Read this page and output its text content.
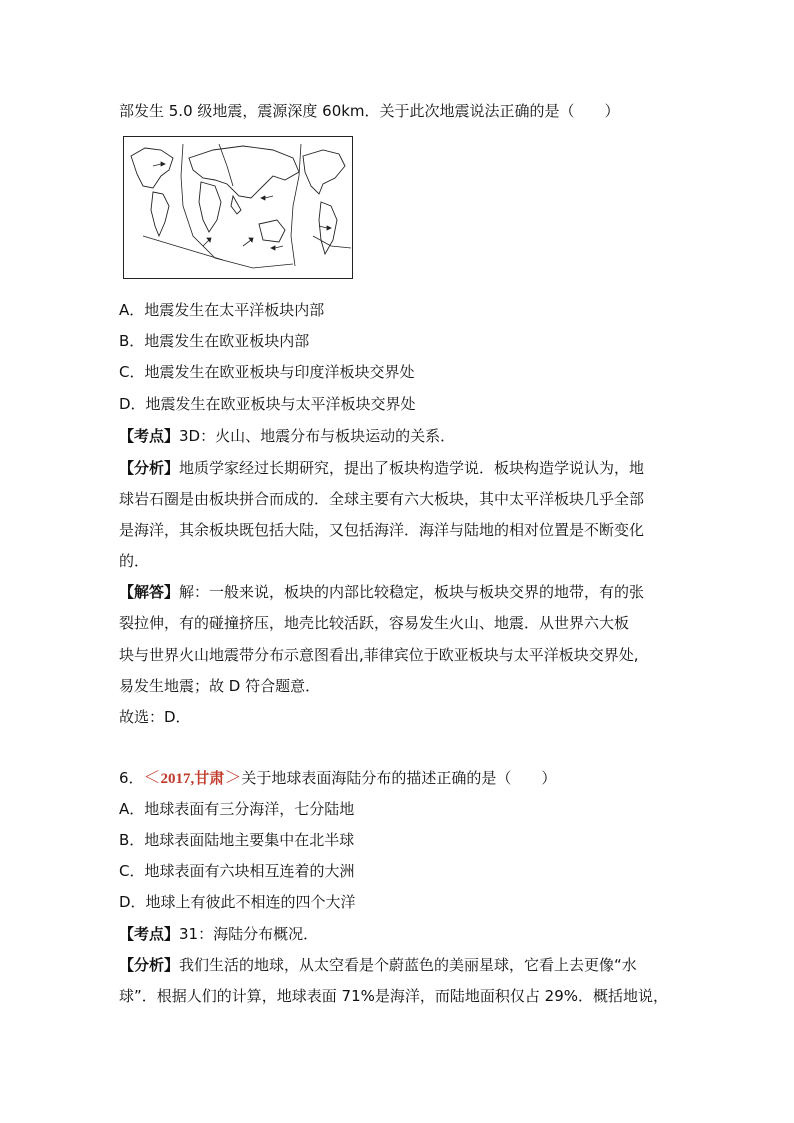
部发生 5.0 级地震，震源深度 60km．关于此次地震说法正确的是（　　）
A．地震发生在太平洋板块内部
B．地震发生在欧亚板块内部
C．地震发生在欧亚板块与印度洋板块交界处
D．地震发生在欧亚板块与太平洋板块交界处
【考点】3D：火山、地震分布与板块运动的关系．
【分析】地质学家经过长期研究，提出了板块构造学说．板块构造学说认为，地
球岩石圈是由板块拼合而成的．全球主要有六大板块，其中太平洋板块几乎全部
是海洋，其余板块既包括大陆，又包括海洋．海洋与陆地的相对位置是不断变化
的．
【解答】解：一般来说，板块的内部比较稳定，板块与板块交界的地带，有的张
裂拉伸，有的碰撞挤压，地壳比较活跃，容易发生火山、地震．从世界六大板
块与世界火山地震带分布示意图看出,菲律宾位于欧亚板块与太平洋板块交界处,
易发生地震；故 D 符合题意．
故选：D．
6．＜2017,甘肃＞关于地球表面海陆分布的描述正确的是（　　）
A．地球表面有三分海洋，七分陆地
B．地球表面陆地主要集中在北半球
C．地球表面有六块相互连着的大洲
D．地球上有彼此不相连的四个大洋
【考点】31：海陆分布概况．
【分析】我们生活的地球，从太空看是个蔚蓝色的美丽星球，它看上去更像“水
球”．根据人们的计算，地球表面 71%是海洋，而陆地面积仅占 29%．概括地说，
